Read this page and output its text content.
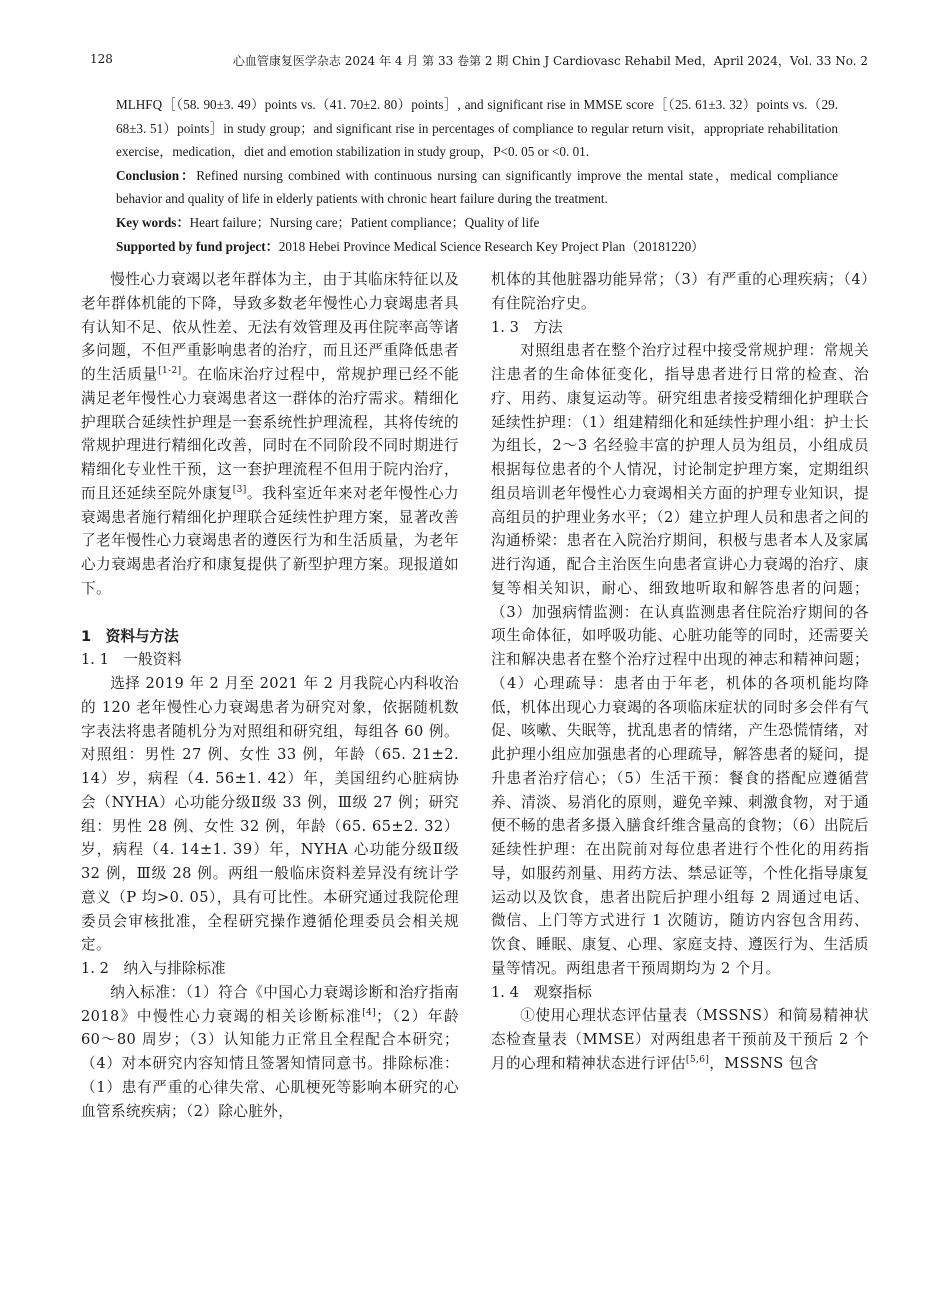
128	心血管康复医学杂志 2024 年 4 月 第 33 卷第 2 期 Chin J Cardiovasc Rehabil Med，April 2024，Vol. 33 No. 2

MLHFQ［（58. 90±3. 49）points vs.（41. 70±2. 80）points］, and significant rise in MMSE score［（25. 61±3. 32）points vs.（29. 68±3. 51）points］in study group；and significant rise in percentages of compliance to regular return visit，appropriate rehabilitation exercise，medication，diet and emotion stabilization in study group，P<0. 05 or <0. 01.

Conclusion：Refined nursing combined with continuous nursing can significantly improve the mental state，medical compliance behavior and quality of life in elderly patients with chronic heart failure during the treatment.

Key words：Heart failure；Nursing care；Patient compliance；Quality of life

Supported by fund project：2018 Hebei Province Medical Science Research Key Project Plan（20181220）

慢性心力衰竭以老年群体为主，由于其临床特征以及老年群体机能的下降，导致多数老年慢性心力衰竭患者具有认知不足、依从性差、无法有效管理及再住院率高等诸多问题，不但严重影响患者的治疗，而且还严重降低患者的生活质量[1-2]。在临床治疗过程中，常规护理已经不能满足老年慢性心力衰竭患者这一群体的治疗需求。精细化护理联合延续性护理是一套系统性护理流程，其将传统的常规护理进行精细化改善，同时在不同阶段不同时期进行精细化专业性干预，这一套护理流程不但用于院内治疗，而且还延续至院外康复[3]。我科室近年来对老年慢性心力衰竭患者施行精细化护理联合延续性护理方案，显著改善了老年慢性心力衰竭患者的遵医行为和生活质量，为老年心力衰竭患者治疗和康复提供了新型护理方案。现报道如下。

1　资料与方法

1. 1　一般资料

选择 2019 年 2 月至 2021 年 2 月我院心内科收治的 120 老年慢性心力衰竭患者为研究对象，依据随机数字表法将患者随机分为对照组和研究组，每组各 60 例。对照组：男性 27 例、女性 33 例，年龄（65. 21±2. 14）岁，病程（4. 56±1. 42）年，美国纽约心脏病协会（NYHA）心功能分级Ⅱ级 33 例，Ⅲ级 27 例；研究组：男性 28 例、女性 32 例，年龄（65. 65±2. 32）岁，病程（4. 14±1. 39）年，NYHA 心功能分级Ⅱ级 32 例，Ⅲ级 28 例。两组一般临床资料差异没有统计学意义（P 均>0. 05），具有可比性。本研究通过我院伦理委员会审核批准，全程研究操作遵循伦理委员会相关规定。

1. 2　纳入与排除标准

纳入标准：（1）符合《中国心力衰竭诊断和治疗指南 2018》中慢性心力衰竭的相关诊断标准[4]；（2）年龄 60～80 周岁；（3）认知能力正常且全程配合本研究；（4）对本研究内容知情且签署知情同意书。排除标准：（1）患有严重的心律失常、心肌梗死等影响本研究的心血管系统疾病；（2）除心脏外，

机体的其他脏器功能异常；（3）有严重的心理疾病；（4）有住院治疗史。

1. 3　方法

对照组患者在整个治疗过程中接受常规护理：常规关注患者的生命体征变化，指导患者进行日常的检查、治疗、用药、康复运动等。研究组患者接受精细化护理联合延续性护理：（1）组建精细化和延续性护理小组：护士长为组长，2～3 名经验丰富的护理人员为组员，小组成员根据每位患者的个人情况，讨论制定护理方案，定期组织组员培训老年慢性心力衰竭相关方面的护理专业知识，提高组员的护理业务水平；（2）建立护理人员和患者之间的沟通桥梁：患者在入院治疗期间，积极与患者本人及家属进行沟通，配合主治医生向患者宣讲心力衰竭的治疗、康复等相关知识，耐心、细致地听取和解答患者的问题；（3）加强病情监测：在认真监测患者住院治疗期间的各项生命体征，如呼吸功能、心脏功能等的同时，还需要关注和解决患者在整个治疗过程中出现的神志和精神问题；（4）心理疏导：患者由于年老，机体的各项机能均降低，机体出现心力衰竭的各项临床症状的同时多会伴有气促、咳嗽、失眠等，扰乱患者的情绪，产生恐慌情绪，对此护理小组应加强患者的心理疏导，解答患者的疑问，提升患者治疗信心；（5）生活干预：餐食的搭配应遵循营养、清淡、易消化的原则，避免辛辣、刺激食物，对于通便不畅的患者多摄入膳食纤维含量高的食物；（6）出院后延续性护理：在出院前对每位患者进行个性化的用药指导，如服药剂量、用药方法、禁忌证等，个性化指导康复运动以及饮食，患者出院后护理小组每 2 周通过电话、微信、上门等方式进行 1 次随访，随访内容包含用药、饮食、睡眠、康复、心理、家庭支持、遵医行为、生活质量等情况。两组患者干预周期均为 2 个月。

1. 4　观察指标

①使用心理状态评估量表（MSSNS）和简易精神状态检查量表（MMSE）对两组患者干预前及干预后 2 个月的心理和精神状态进行评估[5,6]，MSSNS 包含
